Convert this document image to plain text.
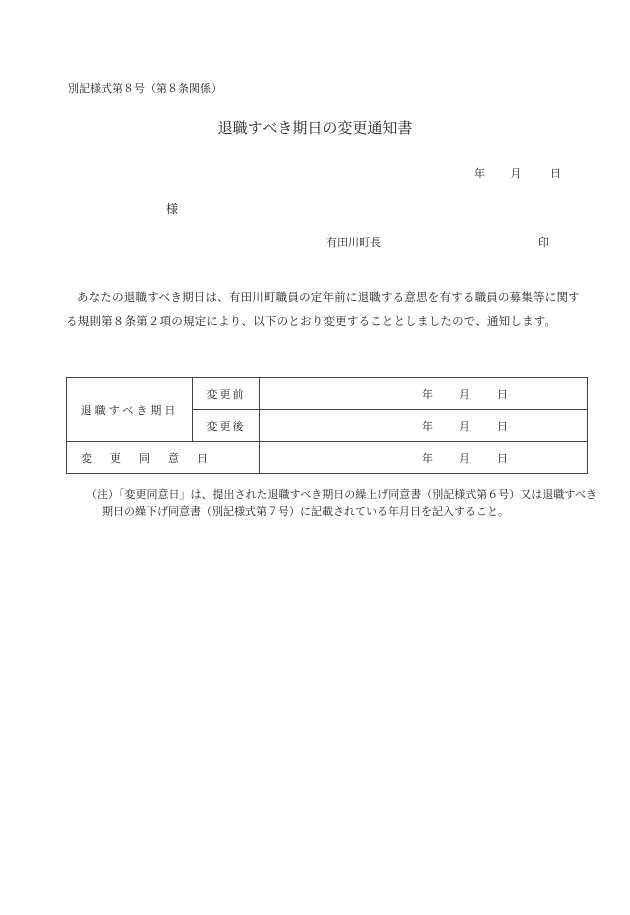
別記様式第８号（第８条関係）
退職すべき期日の変更通知書
年 月	日
様
有田川町長	印
あなたの退職すべき期日は、有田川町職員の定年前に退職する意思を有する職員の募集等に関する規則第８条第２項の規定により、以下のとおり変更することとしましたので、通知します。
退職すべき期日	変更前	年 月 日
	変更後	年 月 日
変更同意日		年 月 日
（注）「変更同意日」は、提出された退職すべき期日の繰上げ同意書（別記様式第６号）又は退職すべき期日の繰下げ同意書（別記様式第７号）に記載されている年月日を記入すること。
